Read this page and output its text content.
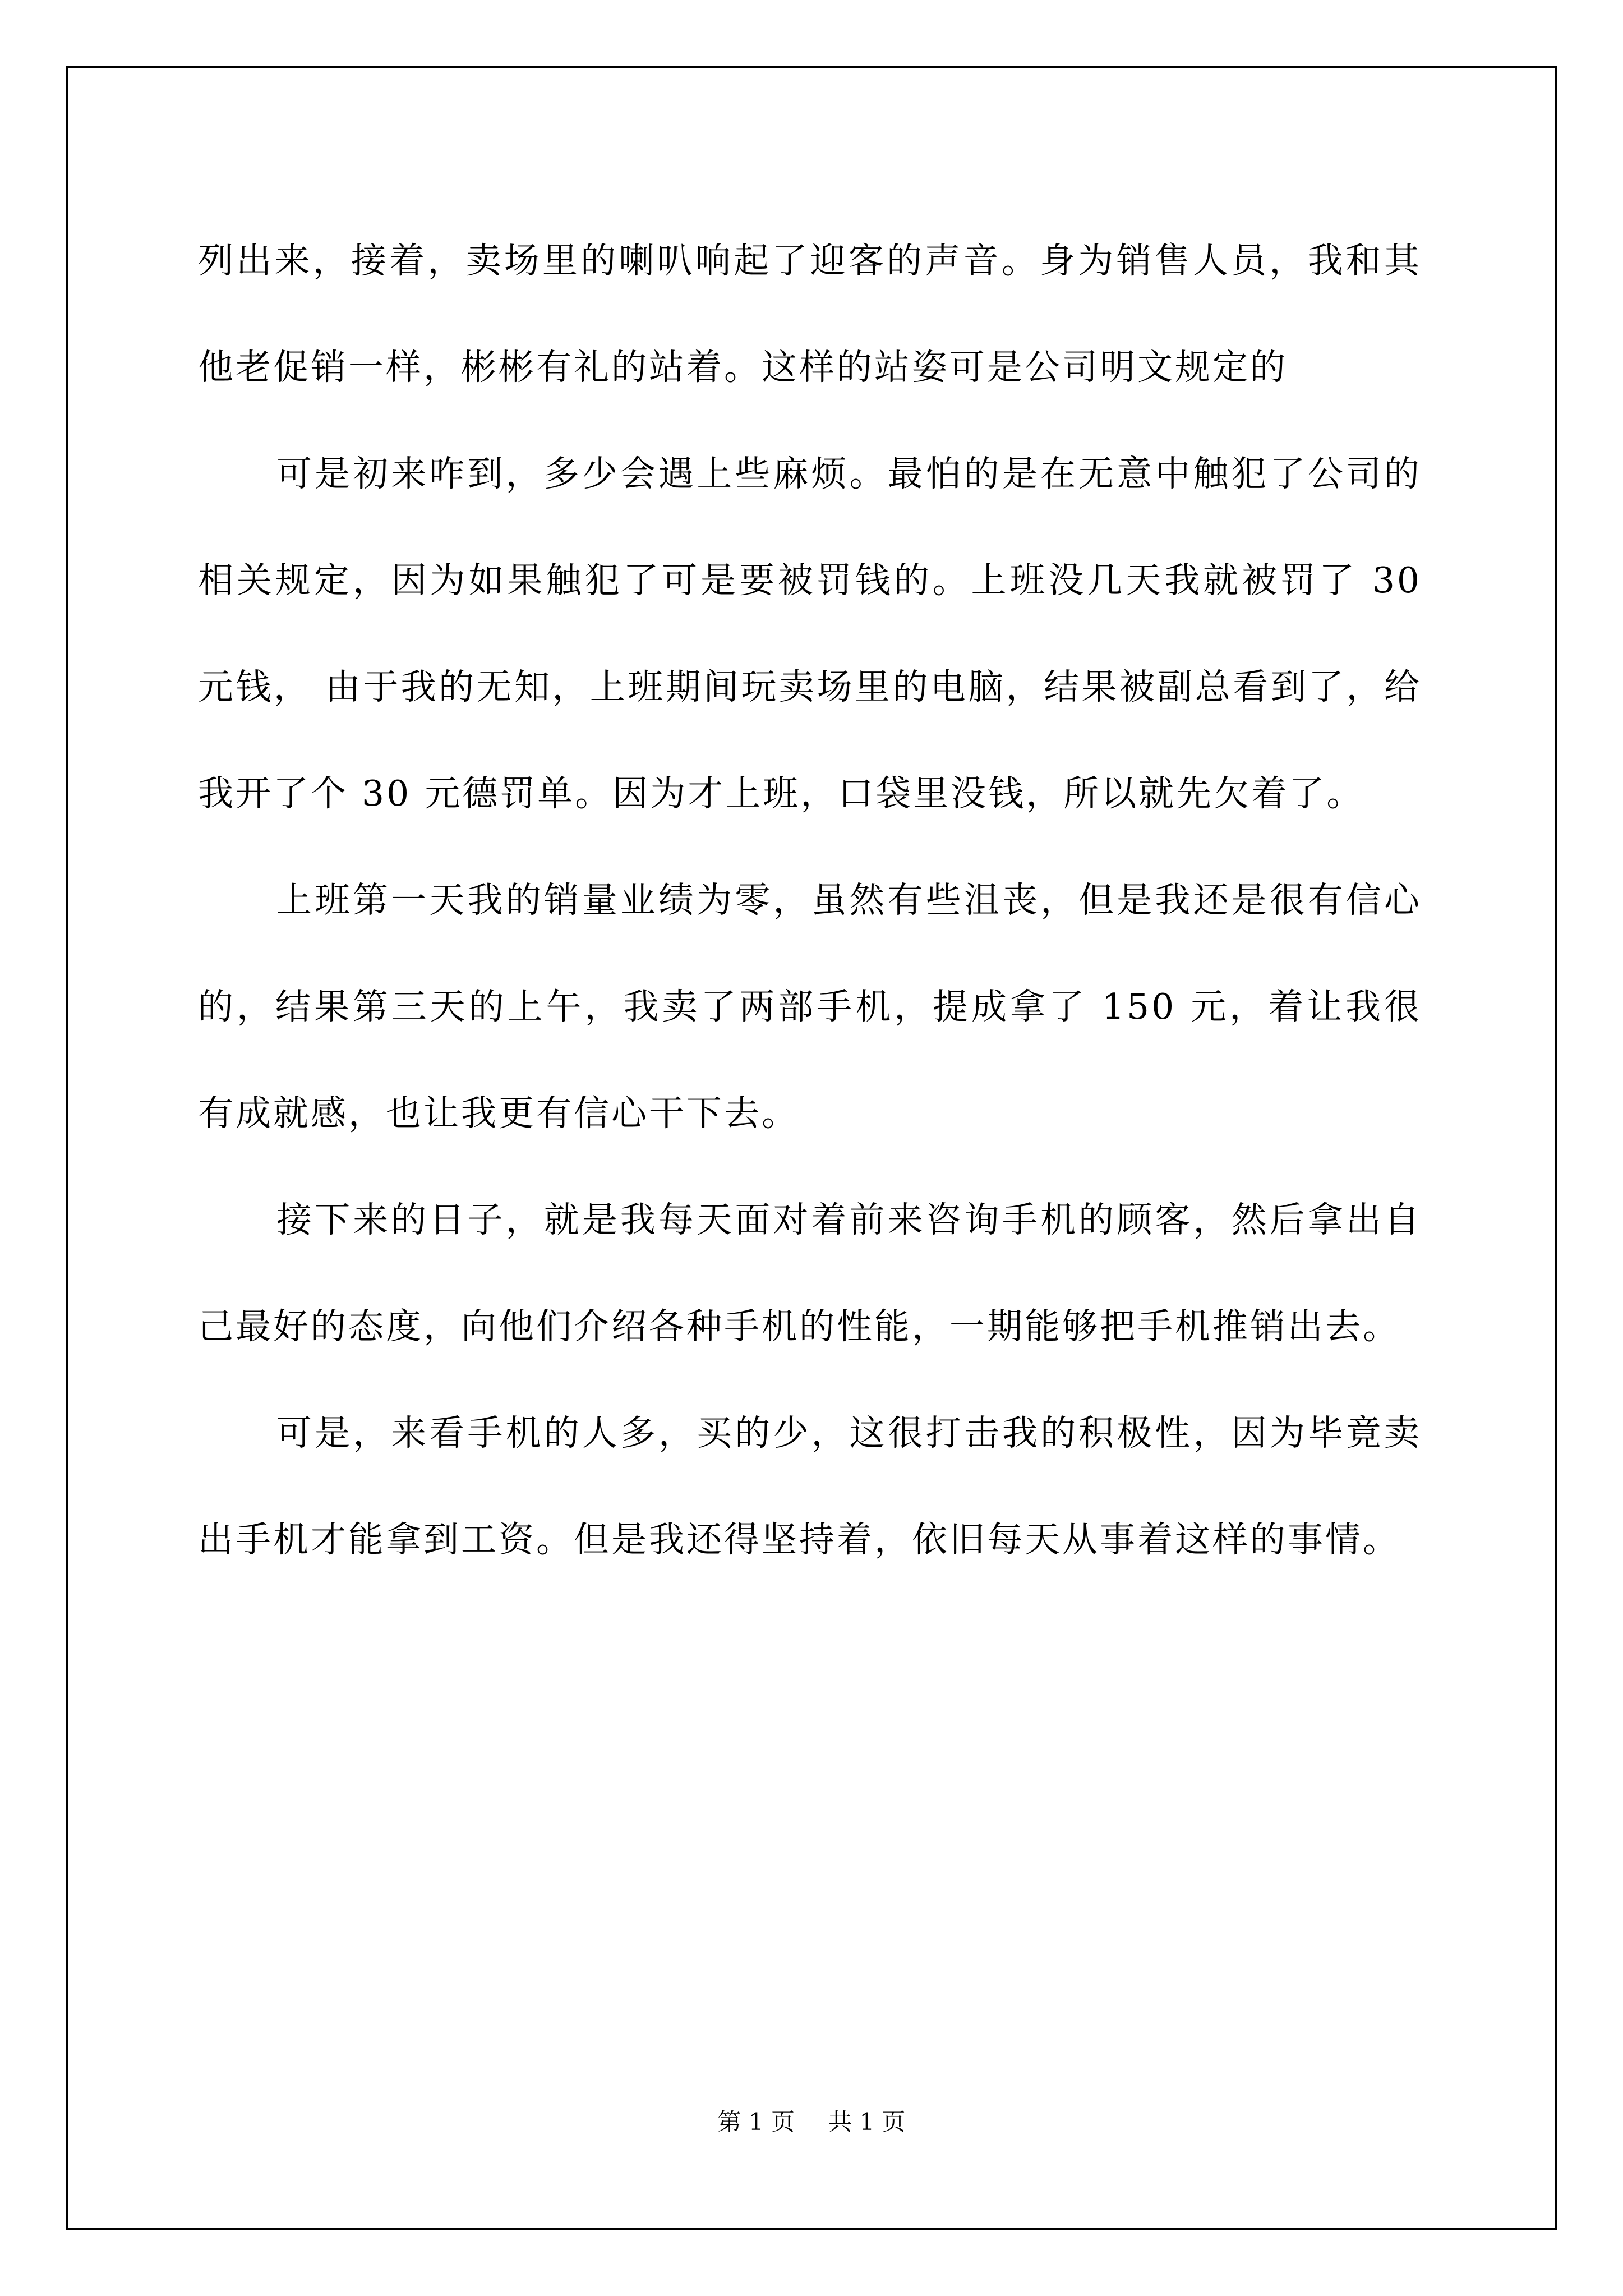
列出来，接着，卖场里的喇叭响起了迎客的声音。身为销售人员，我和其他老促销一样，彬彬有礼的站着。这样的站姿可是公司明文规定的

可是初来咋到，多少会遇上些麻烦。最怕的是在无意中触犯了公司的相关规定，因为如果触犯了可是要被罚钱的。上班没几天我就被罚了 30 元钱， 由于我的无知，上班期间玩卖场里的电脑，结果被副总看到了，给我开了个 30 元德罚单。因为才上班，口袋里没钱，所以就先欠着了。

上班第一天我的销量业绩为零，虽然有些沮丧，但是我还是很有信心的，结果第三天的上午，我卖了两部手机，提成拿了 150 元，着让我很有成就感，也让我更有信心干下去。

接下来的日子，就是我每天面对着前来咨询手机的顾客，然后拿出自己最好的态度，向他们介绍各种手机的性能，一期能够把手机推销出去。

可是，来看手机的人多，买的少，这很打击我的积极性，因为毕竟卖出手机才能拿到工资。但是我还得坚持着，依旧每天从事着这样的事情。

第 1 页 共 1 页
